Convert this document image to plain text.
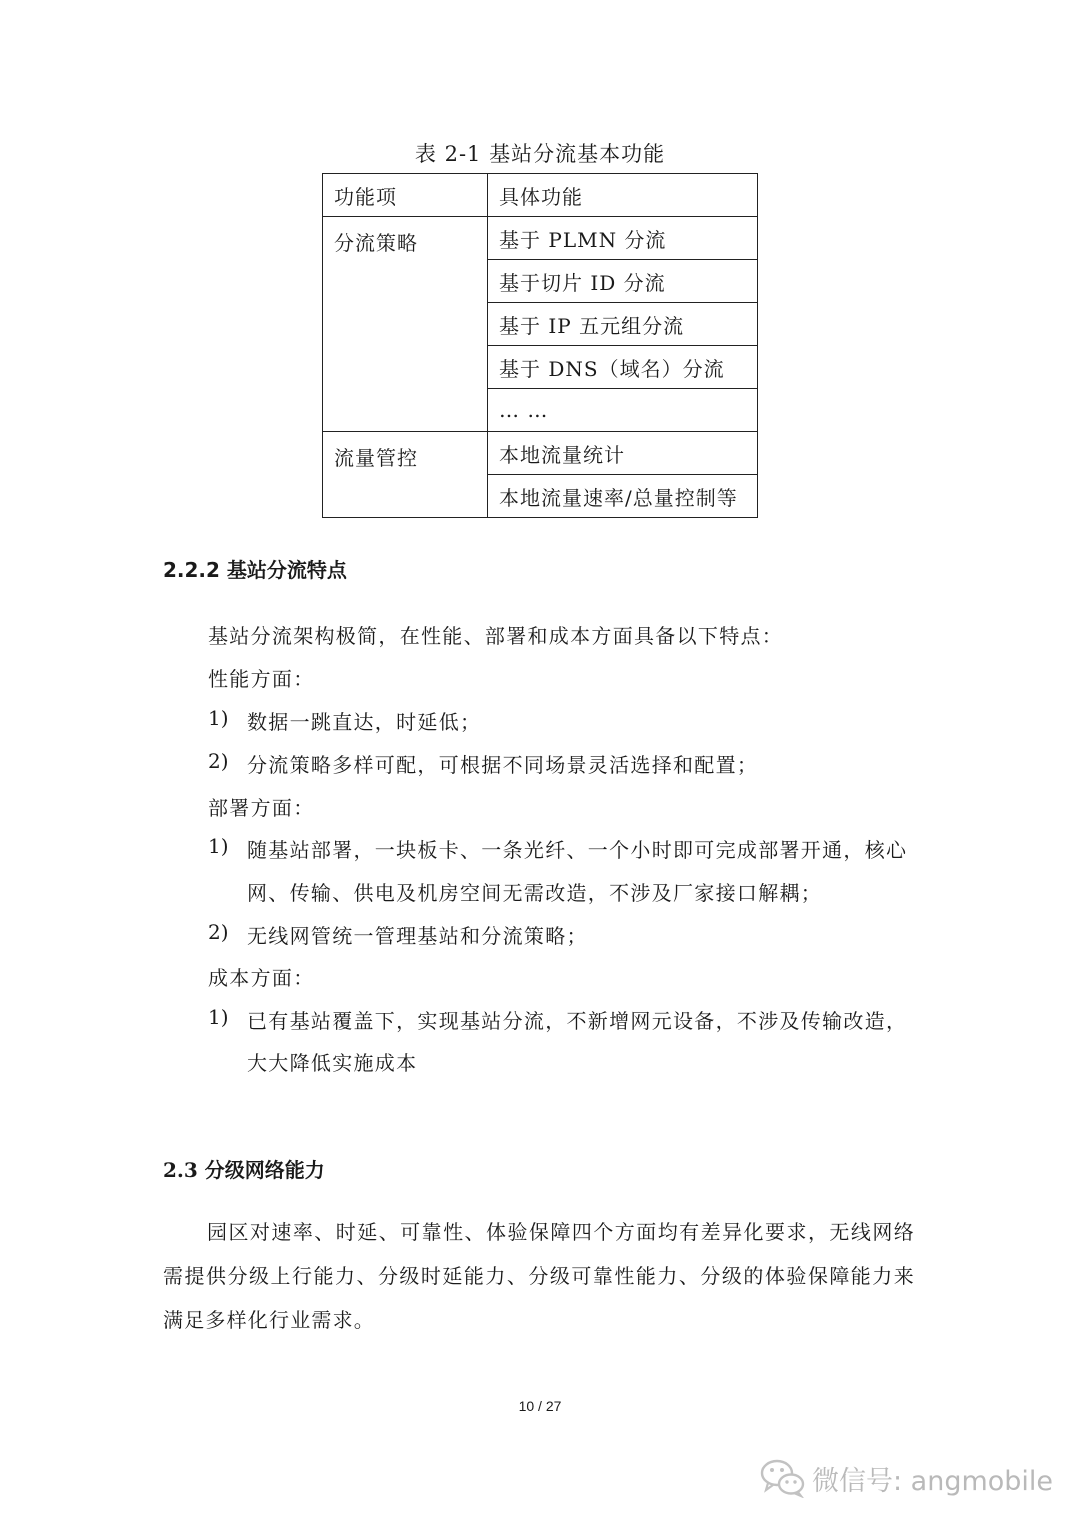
表 2-1 基站分流基本功能
功能项	具体功能
分流策略	基于 PLMN 分流
	基于切片 ID 分流
	基于 IP 五元组分流
	基于 DNS（域名）分流
	… …
流量管控	本地流量统计
	本地流量速率/总量控制等
2.2.2 基站分流特点
基站分流架构极简，在性能、部署和成本方面具备以下特点：
性能方面：
1) 数据一跳直达，时延低；
2) 分流策略多样可配，可根据不同场景灵活选择和配置；
部署方面：
1) 随基站部署，一块板卡、一条光纤、一个小时即可完成部署开通，核心
网、传输、供电及机房空间无需改造，不涉及厂家接口解耦；
2) 无线网管统一管理基站和分流策略；
成本方面：
1) 已有基站覆盖下，实现基站分流，不新增网元设备，不涉及传输改造，
大大降低实施成本
2.3 分级网络能力
园区对速率、时延、可靠性、体验保障四个方面均有差异化要求，无线网络需提供分级上行能力、分级时延能力、分级可靠性能力、分级的体验保障能力来满足多样化行业需求。
10 / 27
微信号: angmobile
